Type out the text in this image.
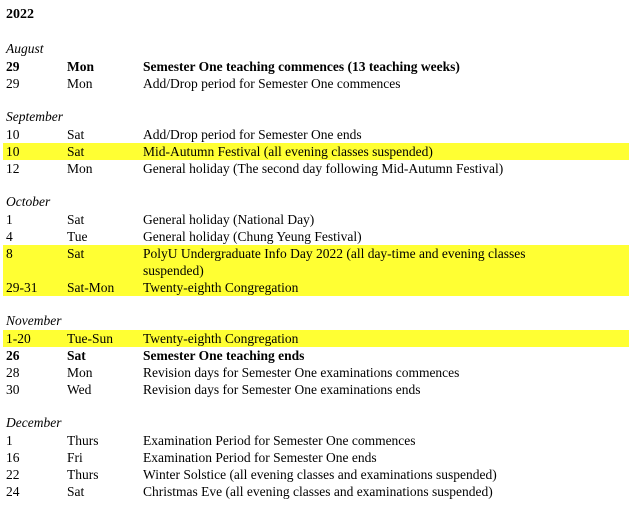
2022
August
29	Mon	Semester One teaching commences (13 teaching weeks)
29	Mon	Add/Drop period for Semester One commences
September
10	Sat	Add/Drop period for Semester One ends
10	Sat	Mid-Autumn Festival (all evening classes suspended)
12	Mon	General holiday (The second day following Mid-Autumn Festival)
October
1	Sat	General holiday (National Day)
4	Tue	General holiday (Chung Yeung Festival)
8	Sat	PolyU Undergraduate Info Day 2022 (all day-time and evening classes suspended)
29-31 Sat-Mon Twenty-eighth Congregation
November
1-20	Tue-Sun Twenty-eighth Congregation
26	Sat	Semester One teaching ends
28	Mon	Revision days for Semester One examinations commences
30	Wed	Revision days for Semester One examinations ends
December
1	Thurs	Examination Period for Semester One commences
16	Fri	Examination Period for Semester One ends
22	Thurs	Winter Solstice (all evening classes and examinations suspended)
24	Sat	Christmas Eve (all evening classes and examinations suspended)
